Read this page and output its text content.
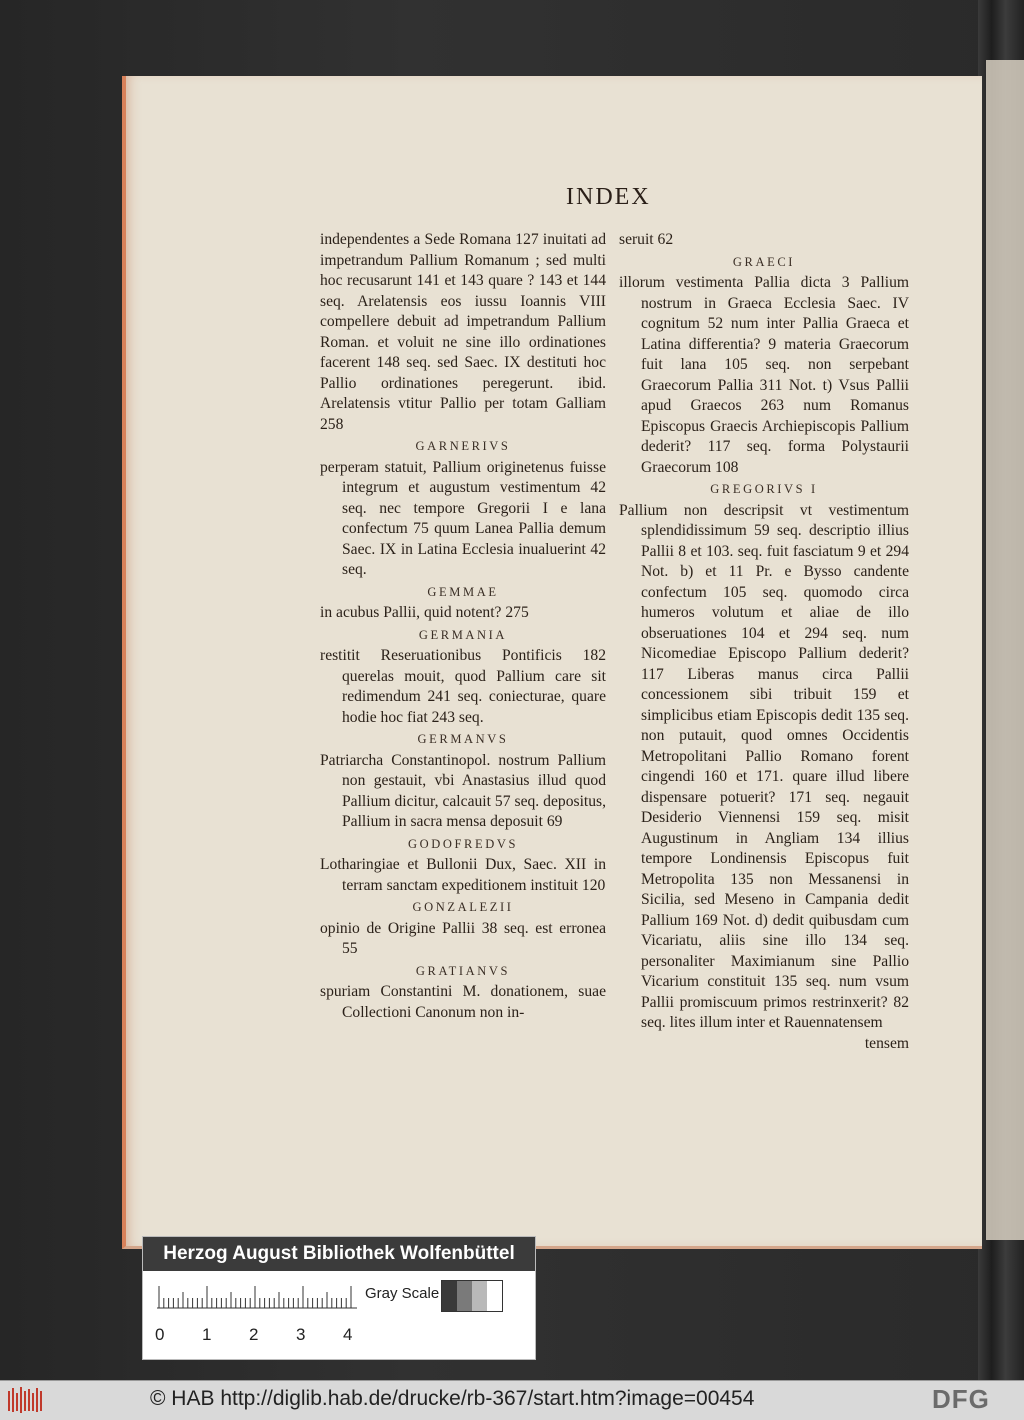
INDEX

independentes a Sede Romana 127 inuitati ad impetrandum Pallium Romanum ; sed multi hoc recusarunt 141 et 143 quare ? 143 et 144 seq. Arelatensis eos iussu Ioannis VIII compellere debuit ad impetrandum Pallium Roman. et voluit ne sine illo ordinationes facerent 148 seq. sed Saec. IX destituti hoc Pallio ordinationes peregerunt. ibid. Arelatensis vtitur Pallio per totam Galliam 258

GARNERIVS

perperam statuit, Pallium originetenus fuisse integrum et augustum vestimentum 42 seq. nec tempore Gregorii I e lana confectum 75 quum Lanea Pallia demum Saec. IX in Latina Ecclesia inualuerint 42 seq.

GEMMAE

in acubus Pallii, quid notent? 275

GERMANIA

restitit Reseruationibus Pontificis 182 querelas mouit, quod Pallium care sit redimendum 241 seq. coniecturae, quare hodie hoc fiat 243 seq.

GERMANVS

Patriarcha Constantinopol. nostrum Pallium non gestauit, vbi Anastasius illud quod Pallium dicitur, calcauit 57 seq. depositus, Pallium in sacra mensa deposuit 69

GODOFREDVS

Lotharingiae et Bullonii Dux, Saec. XII in terram sanctam expeditionem instituit 120

GONZALEZII

opinio de Origine Pallii 38 seq. est erronea 55

GRATIANVS

spuriam Constantini M. donationem, suae Collectioni Canonum non in-

seruit 62

GRAECI

illorum vestimenta Pallia dicta 3 Pallium nostrum in Graeca Ecclesia Saec. IV cognitum 52 num inter Pallia Graeca et Latina differentia? 9 materia Graecorum fuit lana 105 seq. non serpebant Graecorum Pallia 311 Not. t) Vsus Pallii apud Graecos 263 num Romanus Episcopus Graecis Archiepiscopis Pallium dederit? 117 seq. forma Polystaurii Graecorum 108

GREGORIVS I

Pallium non descripsit vt vestimentum splendidissimum 59 seq. descriptio illius Pallii 8 et 103. seq. fuit fasciatum 9 et 294 Not. b) et 11 Pr. e Bysso candente confectum 105 seq. quomodo circa humeros volutum et aliae de illo obseruationes 104 et 294 seq. num Nicomediae Episcopo Pallium dederit? 117 Liberas manus circa Pallii concessionem sibi tribuit 159 et simplicibus etiam Episcopis dedit 135 seq. non putauit, quod omnes Occidentis Metropolitani Pallio Romano forent cingendi 160 et 171. quare illud libere dispensare potuerit? 171 seq. negauit Desiderio Viennensi 159 seq. misit Augustinum in Angliam 134 illius tempore Londinensis Episcopus fuit Metropolita 135 non Messanensi in Sicilia, sed Meseno in Campania dedit Pallium 169 Not. d) dedit quibusdam cum Vicariatu, aliis sine illo 134 seq. personaliter Maximianum sine Pallio Vicarium constituit 135 seq. num vsum Pallii promiscuum primos restrinxerit? 82 seq. lites illum inter et Rauennatensem

tensem

Herzog August Bibliothek Wolfenbüttel
Gray Scale
0 1 2 3 4
© HAB http://diglib.hab.de/drucke/rb-367/start.htm?image=00454	DFG
